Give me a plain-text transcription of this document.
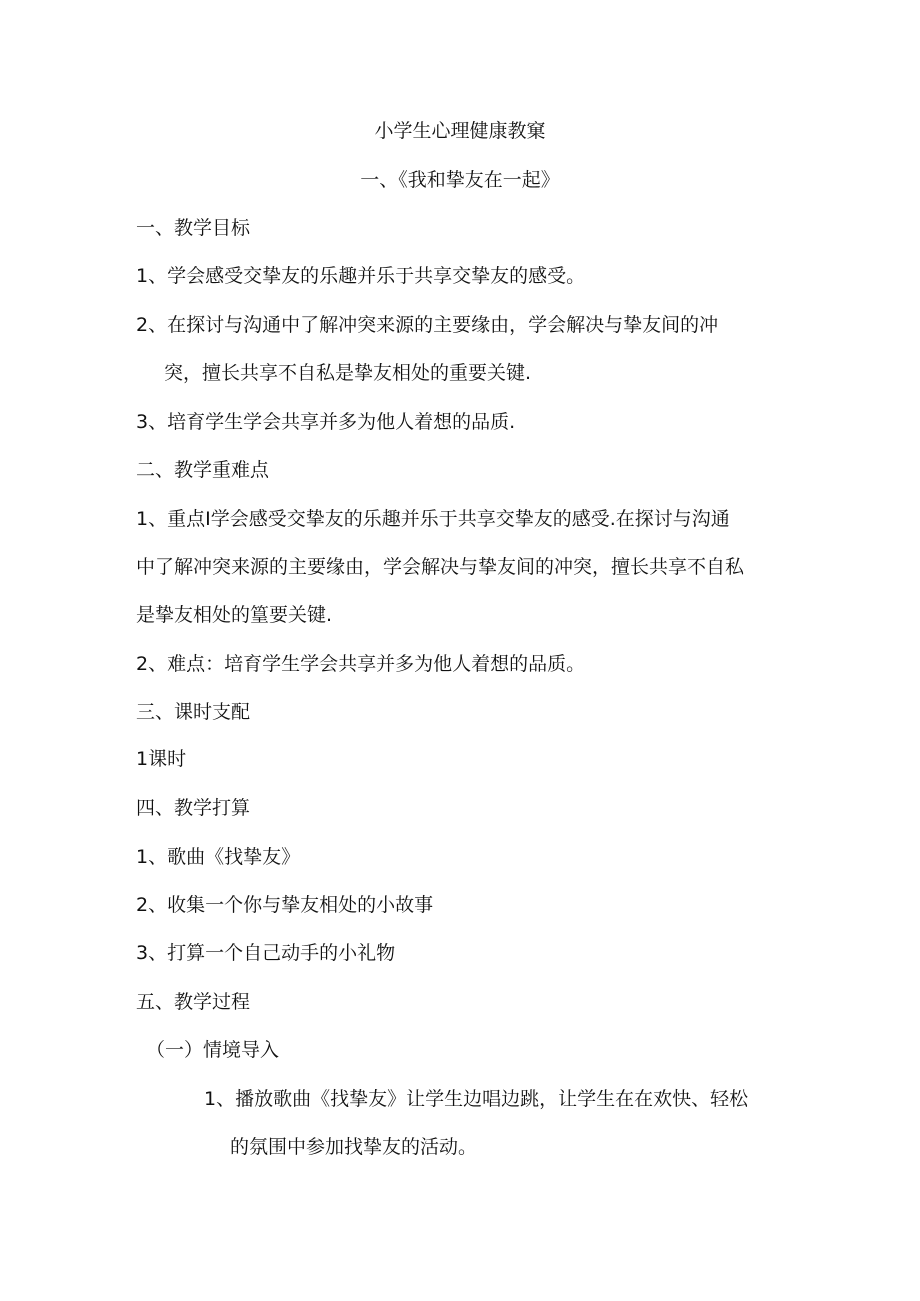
小学生心理健康教窠
一、《我和挚友在一起》
一、教学目标
1、学会感受交挚友的乐趣并乐于共享交挚友的感受。
2、在探讨与沟通中了解冲突来源的主要缘由，学会解决与挚友间的冲
突，擅长共享不自私是挚友相处的重要关键.
3、培育学生学会共享并多为他人着想的品质.
二、教学重难点
1、重点I学会感受交挚友的乐趣并乐于共享交挚友的感受.在探讨与沟通
中了解冲突来源的主要缘由，学会解决与挚友间的冲突，擅长共享不自私
是挚友相处的篁要关键.
2、难点：培育学生学会共享并多为他人着想的品质。
三、课时支配
1课时
四、教学打算
1、歌曲《找挚友》
2、收集一个你与挚友相处的小故事
3、打算一个自己动手的小礼物
五、教学过程
（一）情境导入
1、播放歌曲《找挚友》让学生边唱边跳，让学生在在欢快、轻松
的氛围中参加找挚友的活动。
